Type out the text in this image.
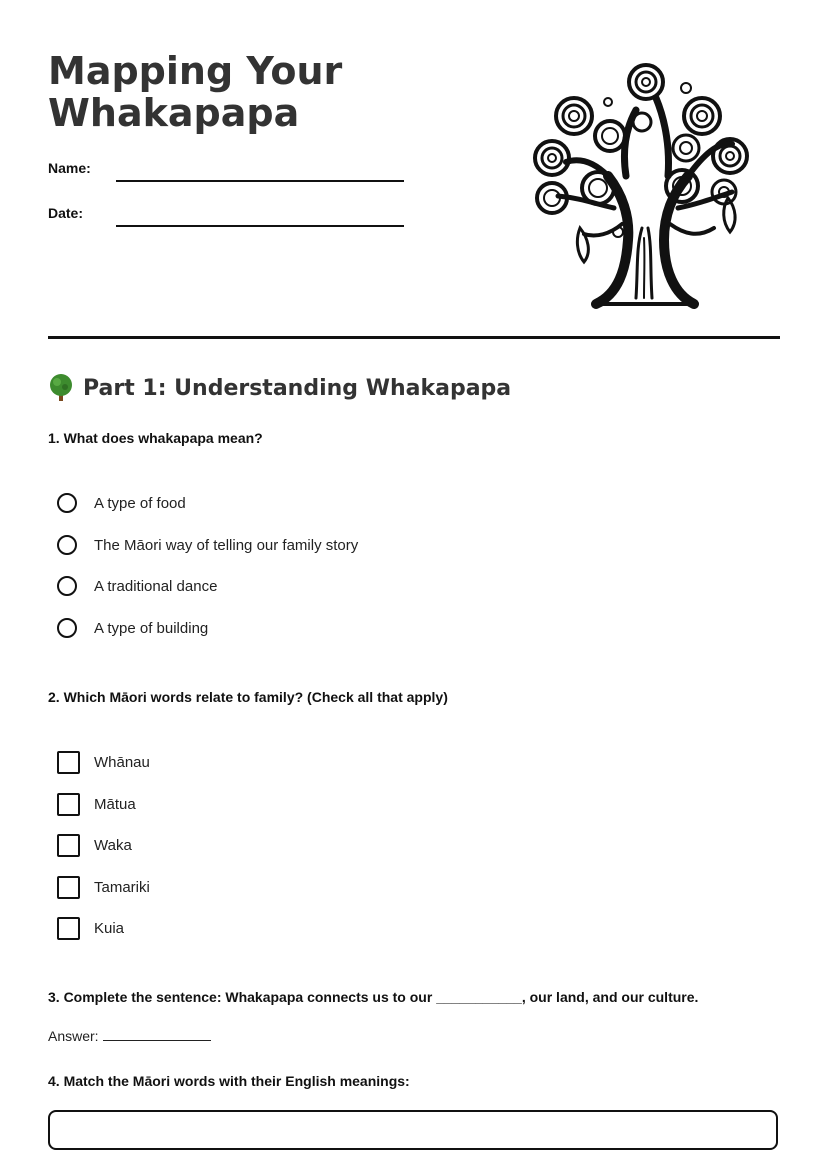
Mapping Your
Whakapapa
Name:
Date:
Part 1: Understanding Whakapapa

1. What does whakapapa mean?

A type of food
The Māori way of telling our family story
A traditional dance
A type of building

2. Which Māori words relate to family? (Check all that apply)

Whānau
Mātua
Waka
Tamariki
Kuia

3. Complete the sentence: Whakapapa connects us to our ___________, our land, and our culture.

Answer:

4. Match the Māori words with their English meanings:
